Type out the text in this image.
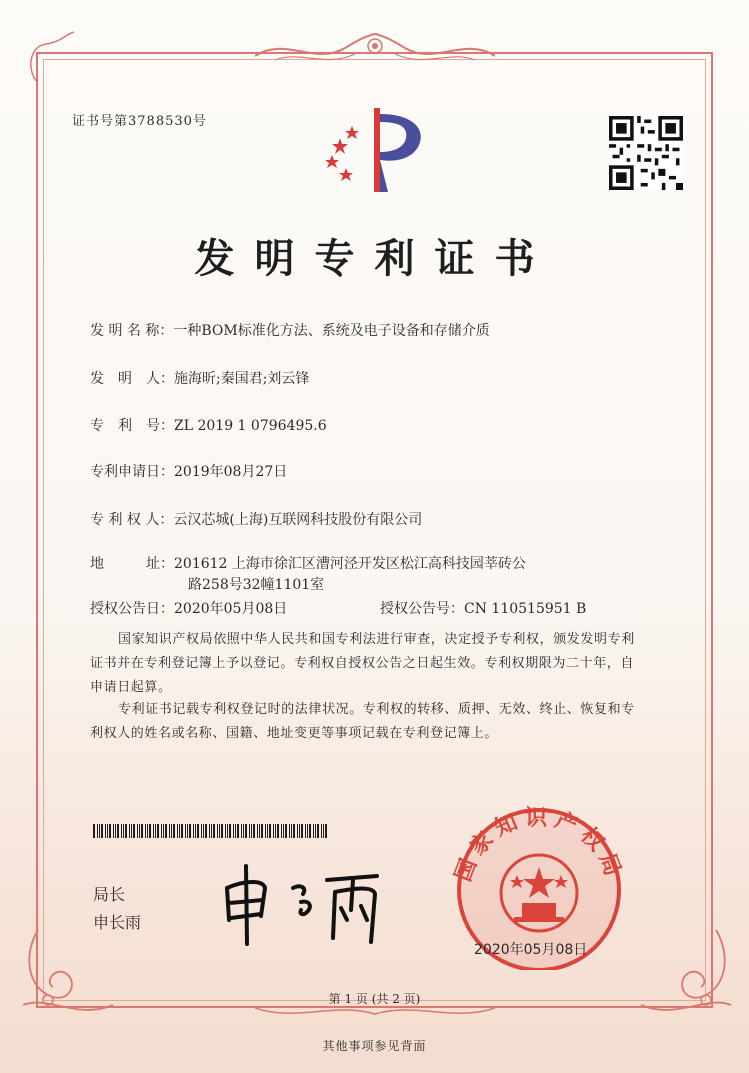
证书号第3788530号
发明专利证书
发 明 名 称：一种BOM标准化方法、系统及电子设备和存储介质
发　明　人：施海昕;秦国君;刘云锋
专　利　号：ZL 2019 1 0796495.6
专利申请日：2019年08月27日
专 利 权 人：云汉芯城(上海)互联网科技股份有限公司
地　　　址：201612 上海市徐汇区漕河泾开发区松江高科技园莘砖公
路258号32幢1101室
授权公告日：2020年05月08日	授权公告号：CN 110515951 B
国家知识产权局依照中华人民共和国专利法进行审查，决定授予专利权，颁发发明专利
证书并在专利登记簿上予以登记。专利权自授权公告之日起生效。专利权期限为二十年，自
申请日起算。
专利证书记载专利权登记时的法律状况。专利权的转移、质押、无效、终止、恢复和专
利权人的姓名或名称、国籍、地址变更等事项记载在专利登记簿上。
局长
申长雨
国家知识产权局
2020年05月08日
第 1 页 (共 2 页)
其他事项参见背面
